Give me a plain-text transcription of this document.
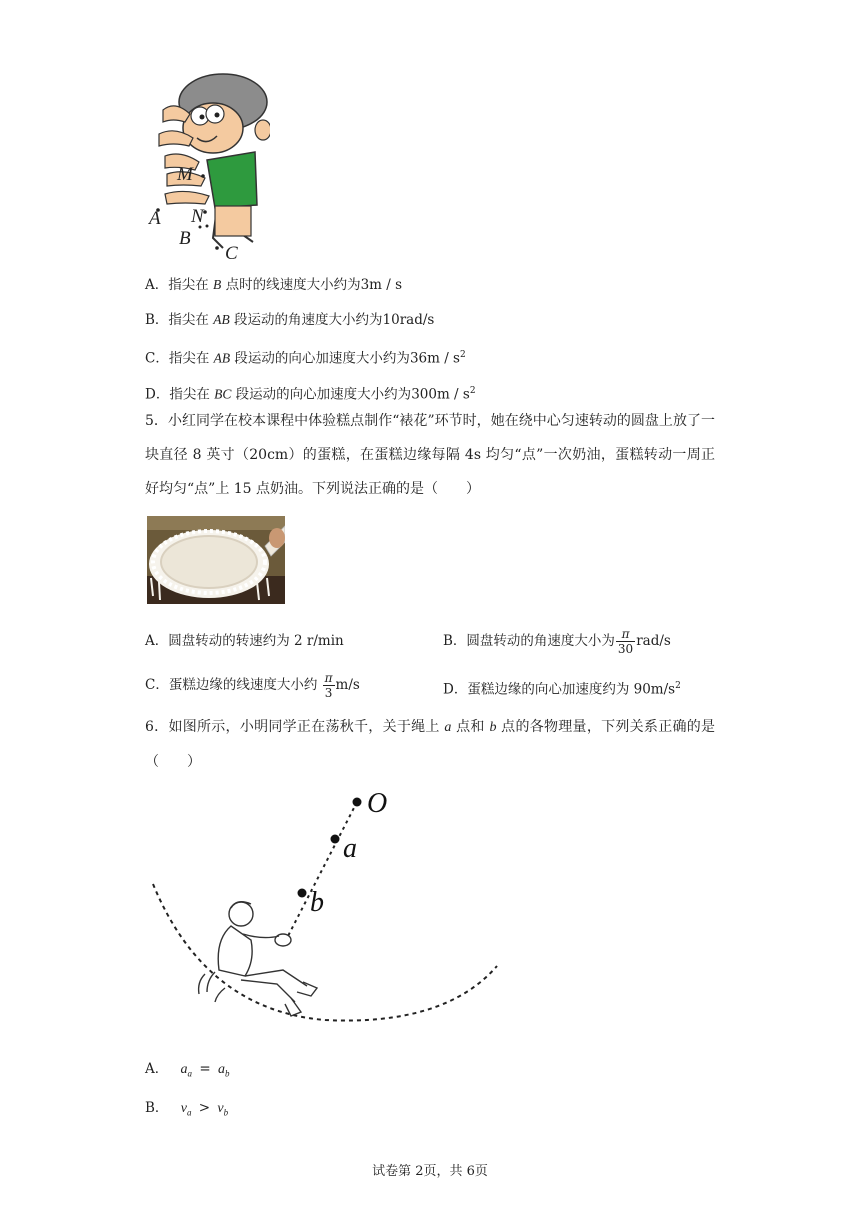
M
N
A
B
C
A．指尖在 B 点时的线速度大小约为3m / s
B．指尖在 AB 段运动的角速度大小约为10rad/s
C．指尖在 AB 段运动的向心加速度大小约为$36m / s^2$
D．指尖在 BC 段运动的向心加速度大小约为$300m / s^2$
5．小红同学在校本课程中体验糕点制作“裱花”环节时，她在绕中心匀速转动的圆盘上放了一块直径 8 英寸（20cm）的蛋糕，在蛋糕边缘每隔 4s 均匀“点”一次奶油，蛋糕转动一周正好均匀“点”上 15 点奶油。下列说法正确的是（　　）
A．圆盘转动的转速约为 2 r/min	B．圆盘转动的角速度大小为 $\frac{\pi}{30} rad/s$
C．蛋糕边缘的线速度大小约 $\frac{\pi}{3} m/s$	D．蛋糕边缘的向心加速度约为 $90m/s^2$
6．如图所示，小明同学正在荡秋千，关于绳上 a 点和 b 点的各物理量，下列关系正确的是（　　）
O
a
b
A． $a_a = a_b$
B． $v_a > v_b$
试卷第 2页，共 6页
